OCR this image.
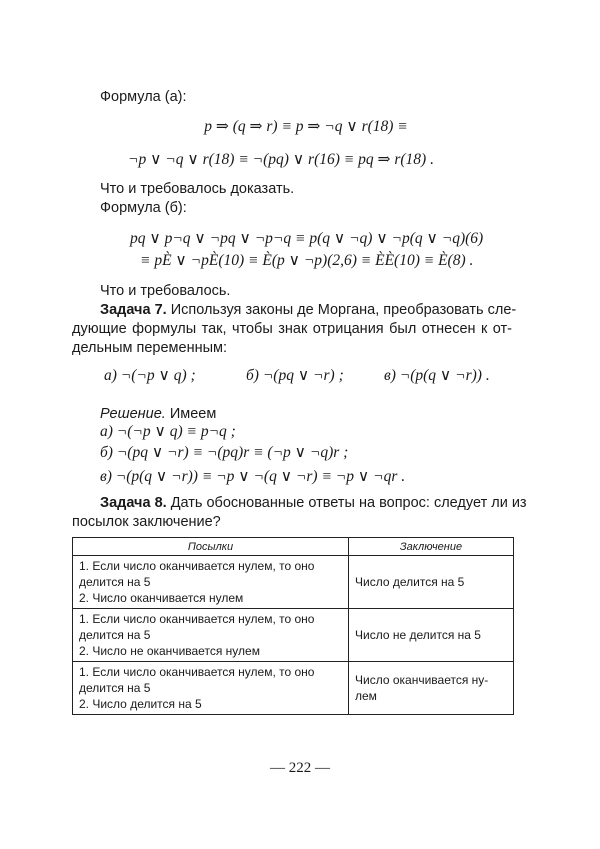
Формула (а):
p ⇒ (q ⇒ r) ≡ p ⇒ ¬q ∨ r(18) ≡
¬p ∨ ¬q ∨ r(18) ≡ ¬(pq) ∨ r(16) ≡ pq ⇒ r(18) .
Что и требовалось доказать.
Формула (б):
pq ∨ p¬q ∨ ¬pq ∨ ¬p¬q ≡ p(q ∨ ¬q) ∨ ¬p(q ∨ ¬q)(6)
≡ pÈ ∨ ¬pÈ(10) ≡ È(p ∨ ¬p)(2,6) ≡ ÈÈ(10) ≡ È(8) .
Что и требовалось.
Задача 7. Используя законы де Моргана, преобразовать сле-
дующие формулы так, чтобы знак отрицания был отнесен к от-
дельным переменным:
а) ¬(¬p ∨ q) ;	б) ¬(pq ∨ ¬r) ;	в) ¬(p(q ∨ ¬r)) .
Решение. Имеем
а) ¬(¬p ∨ q) ≡ p¬q ;
б) ¬(pq ∨ ¬r) ≡ ¬(pq)r ≡ (¬p ∨ ¬q)r ;
в) ¬(p(q ∨ ¬r)) ≡ ¬p ∨ ¬(q ∨ ¬r) ≡ ¬p ∨ ¬qr .
Задача 8. Дать обоснованные ответы на вопрос: следует ли из
посылок заключение?
Посылки	Заключение

1. Если число оканчивается нулем, то оно делится на 5
2. Число оканчивается нулем	Число делится на 5

1. Если число оканчивается нулем, то оно делится на 5
2. Число не оканчивается нулем	Число не делится на 5

1. Если число оканчивается нулем, то оно делится на 5
2. Число делится на 5	Число оканчивается ну-лем
— 222 —
